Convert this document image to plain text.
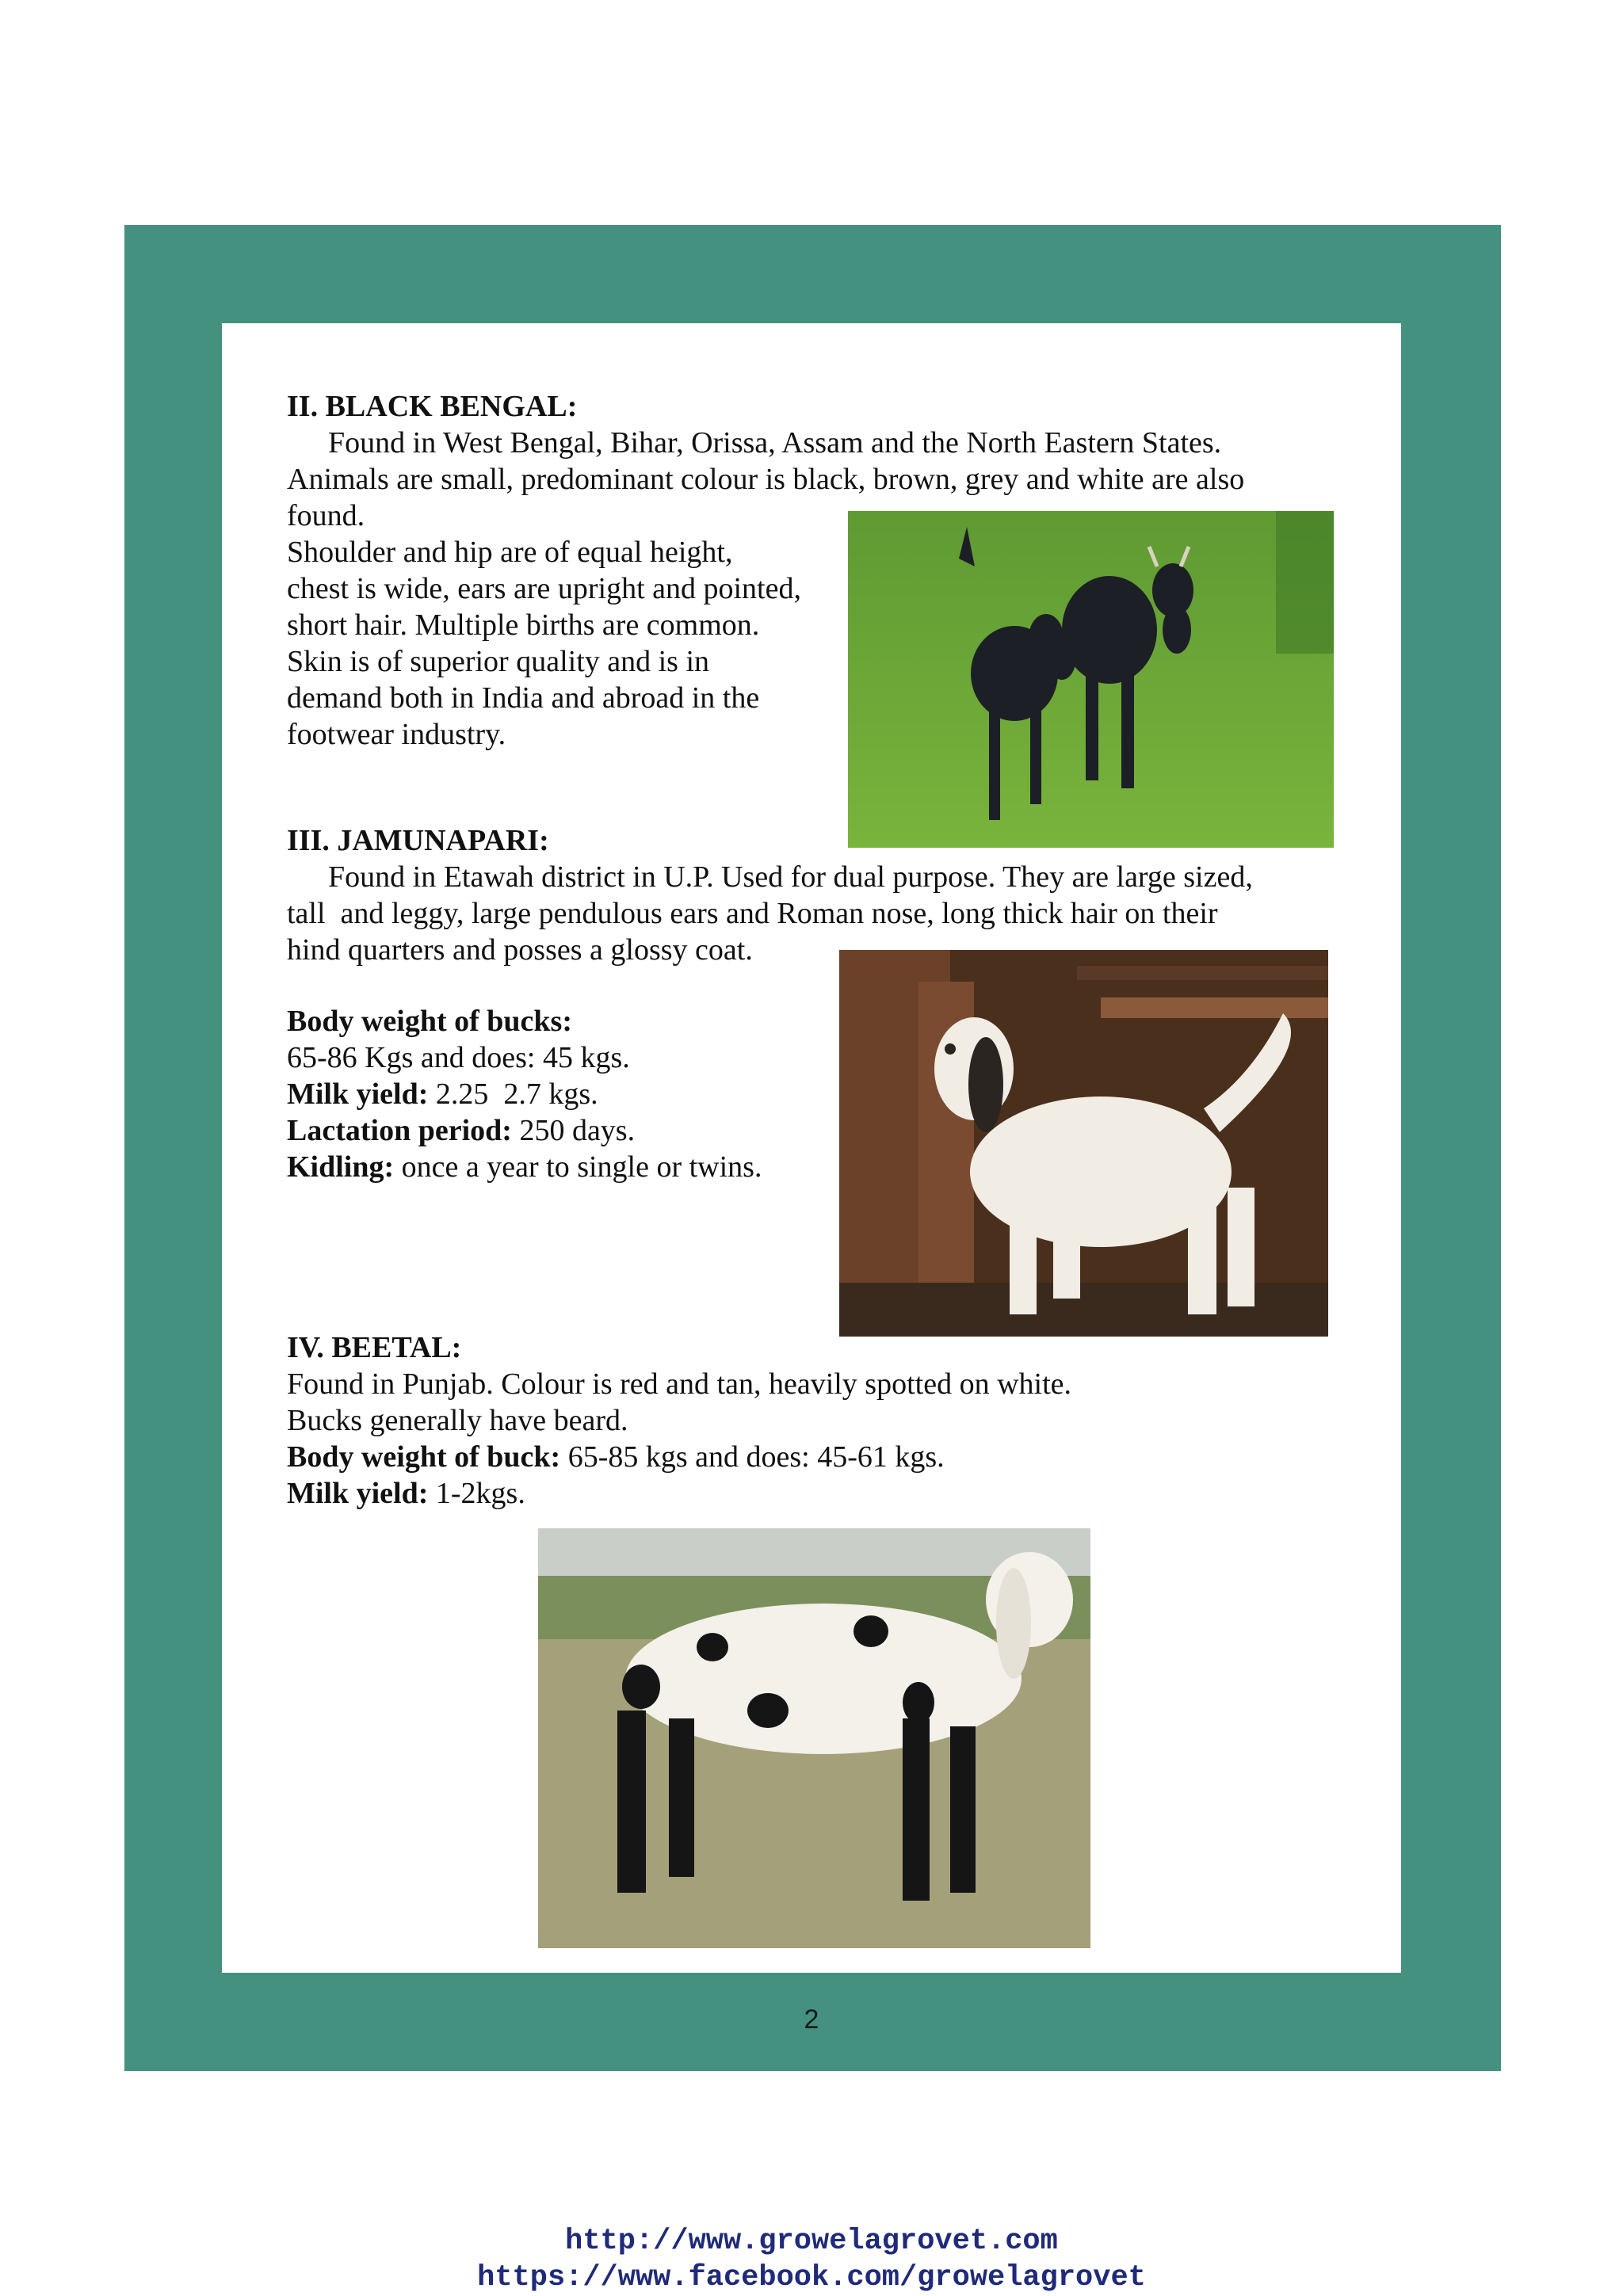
II. BLACK BENGAL:
Found in West Bengal, Bihar, Orissa, Assam and the North Eastern States.
Animals are small, predominant colour is black, brown, grey and white are also
found.
Shoulder and hip are of equal height,
chest is wide, ears are upright and pointed,
short hair. Multiple births are common.
Skin is of superior quality and is in
demand both in India and abroad in the
footwear industry.
III. JAMUNAPARI:
Found in Etawah district in U.P. Used for dual purpose. They are large sized,
tall  and leggy, large pendulous ears and Roman nose, long thick hair on their
hind quarters and posses a glossy coat.
Body weight of bucks:
65-86 Kgs and does: 45 kgs.
Milk yield: 2.25  2.7 kgs.
Lactation period: 250 days.
Kidling: once a year to single or twins.
IV. BEETAL:
Found in Punjab. Colour is red and tan, heavily spotted on white.
Bucks generally have beard.
Body weight of buck: 65-85 kgs and does: 45-61 kgs.
Milk yield: 1-2kgs.
2
http://www.growelagrovet.com
https://www.facebook.com/growelagrovet
